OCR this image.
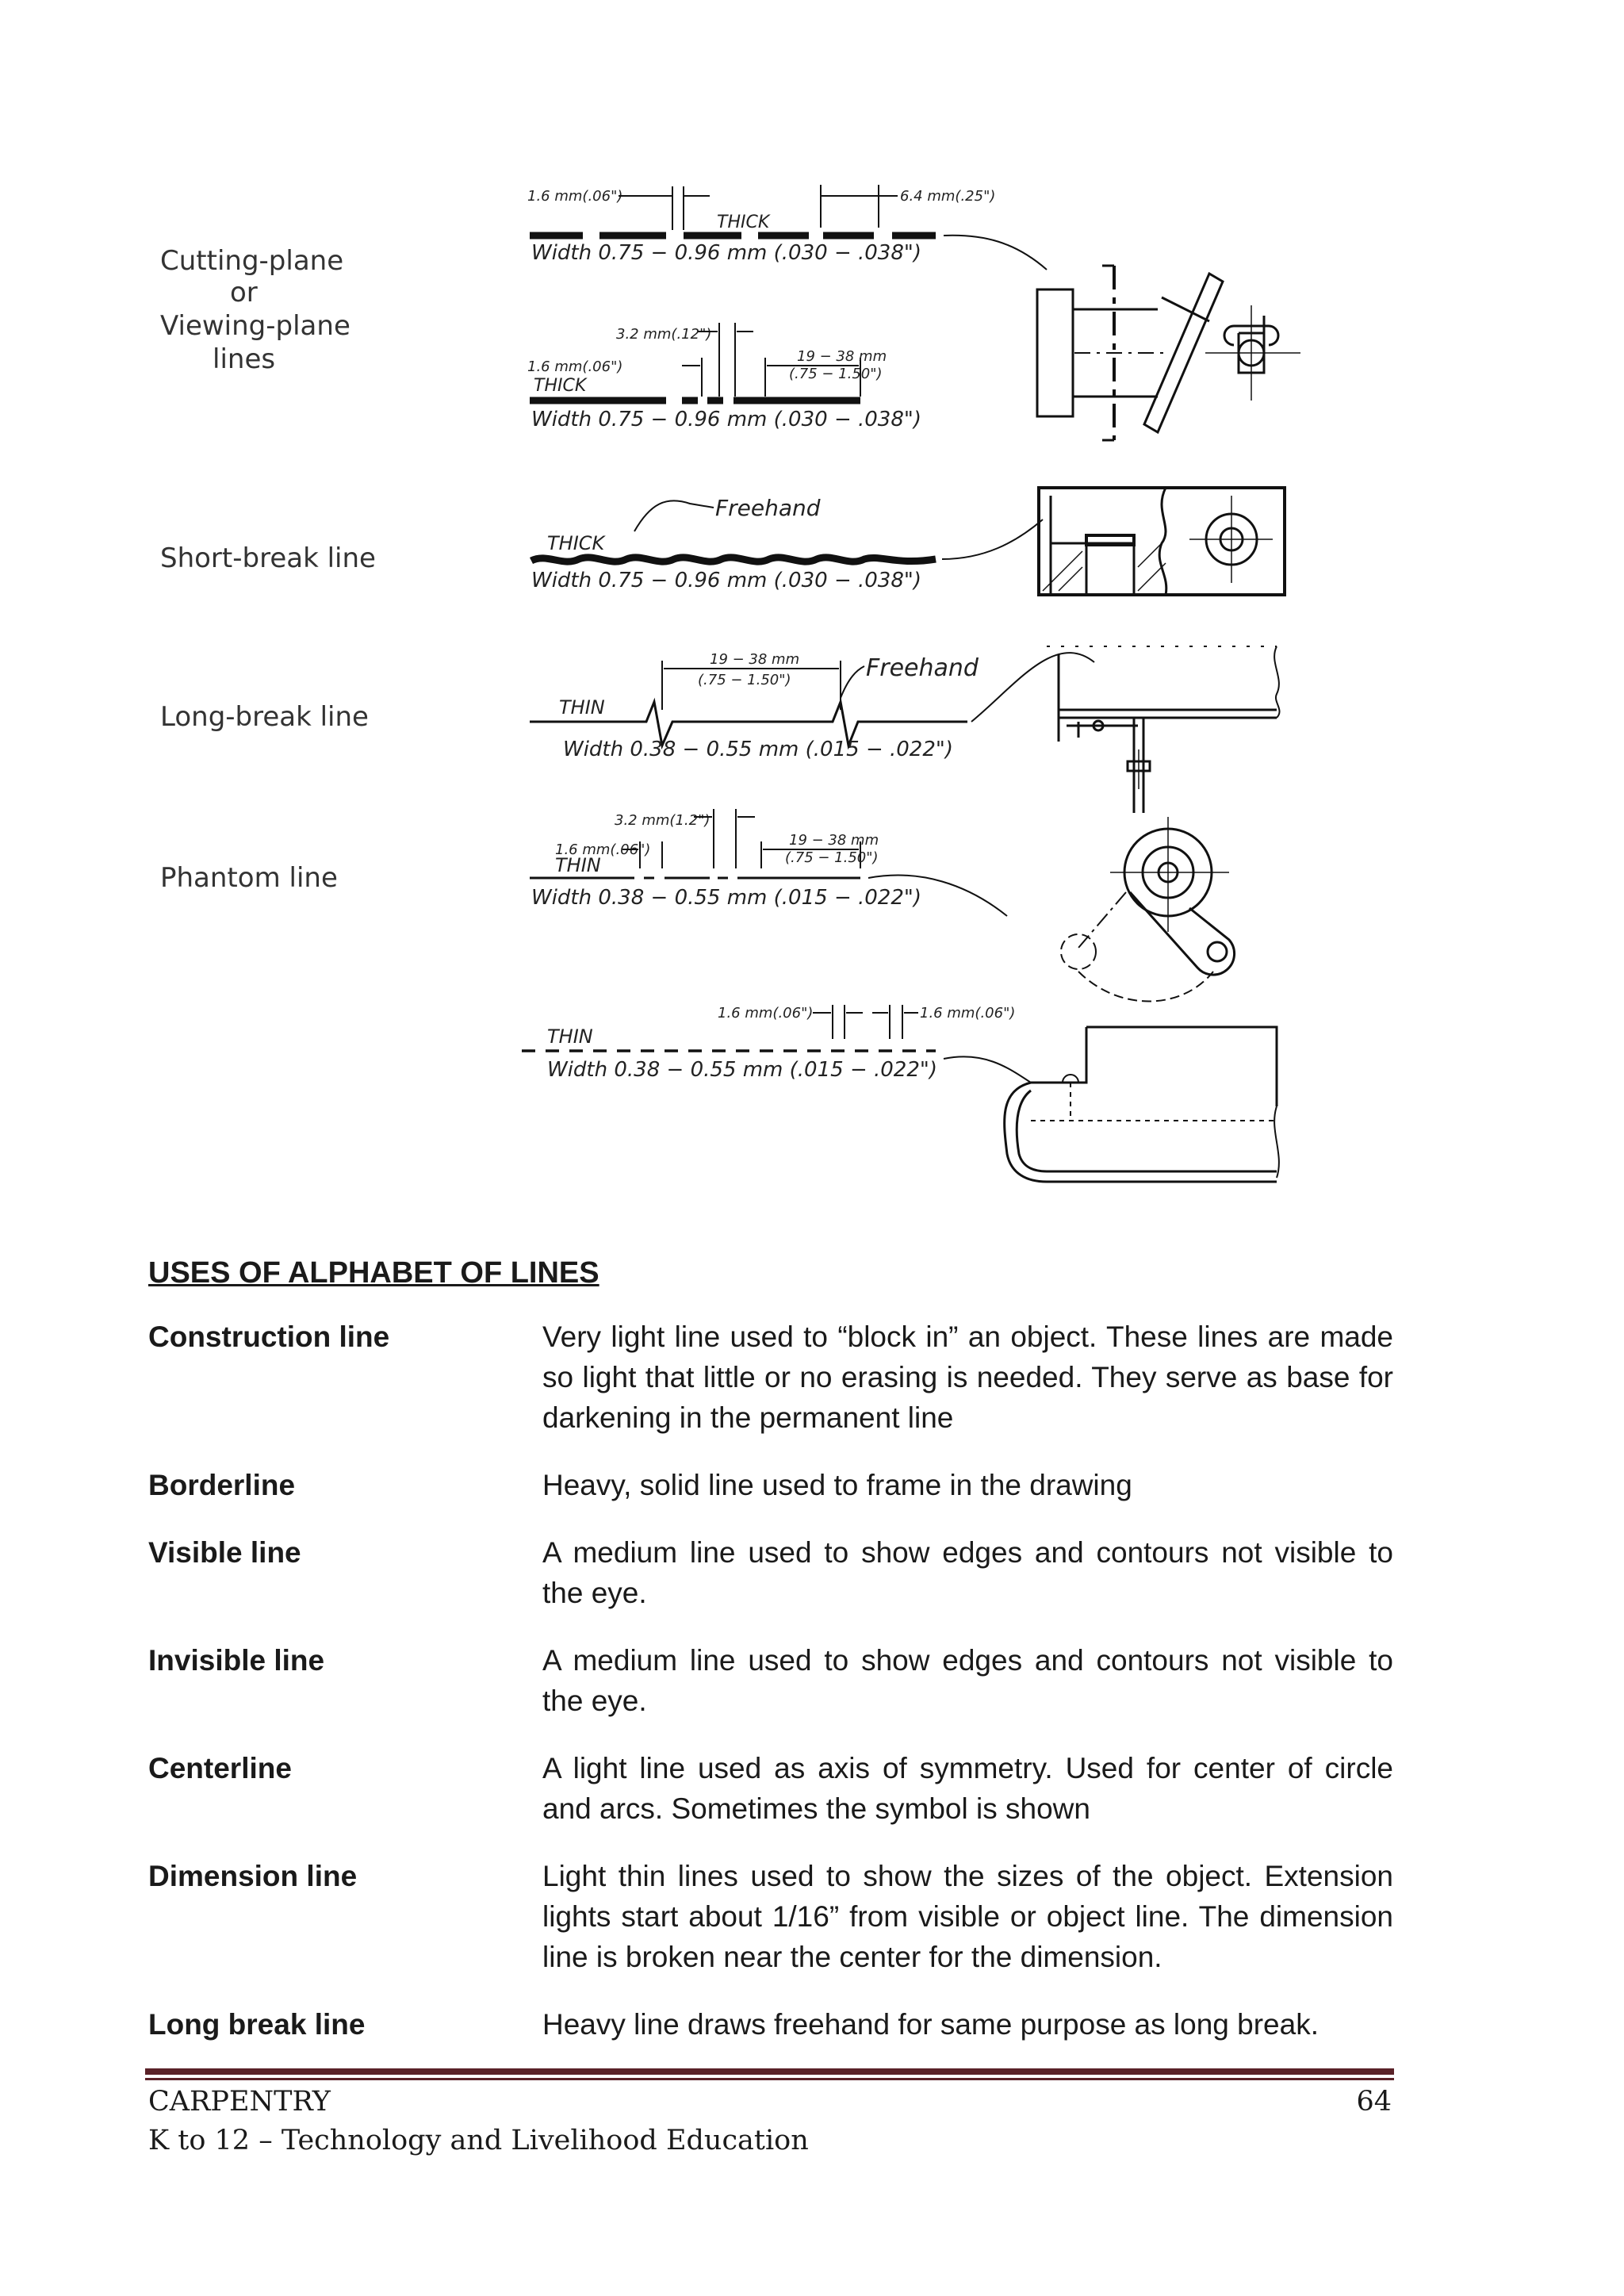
Cutting-plane
or
Viewing-plane
lines
Short-break line
Long-break line
Phantom line
1.6 mm(.06")
THICK
6.4 mm(.25")
Width 0.75 − 0.96 mm (.030 − .038")
3.2 mm(.12")
1.6 mm(.06")
19 − 38 mm
(.75 − 1.50")
THICK
Width 0.75 − 0.96 mm (.030 − .038")
Freehand
THICK
Width 0.75 − 0.96 mm (.030 − .038")
19 − 38 mm
(.75 − 1.50")	Freehand
THIN
Width 0.38 − 0.55 mm (.015 − .022")
3.2 mm(1.2")
1.6 mm(.06")
19 − 38 mm
(.75 − 1.50")
THIN
Width 0.38 − 0.55 mm (.015 − .022")
1.6 mm(.06")	1.6 mm(.06")
THIN
Width 0.38 − 0.55 mm (.015 − .022")
USES OF ALPHABET OF LINES
Construction line	Very light line used to “block in” an object. These lines are made so light that little or no erasing is needed. They serve as base for darkening in the permanent line
Borderline	Heavy, solid line used to frame in the drawing
Visible line	A medium line used to show edges and contours not visible to the eye.
Invisible line	A medium line used to show edges and contours not visible to the eye.
Centerline	A light line used as axis of symmetry. Used for center of circle and arcs. Sometimes the symbol is shown
Dimension line	Light thin lines used to show the sizes of the object. Extension lights start about 1/16” from visible or object line. The dimension line is broken near the center for the dimension.
Long break line	Heavy line draws freehand for same purpose as long break.
CARPENTRY
K to 12 – Technology and Livelihood Education
64
